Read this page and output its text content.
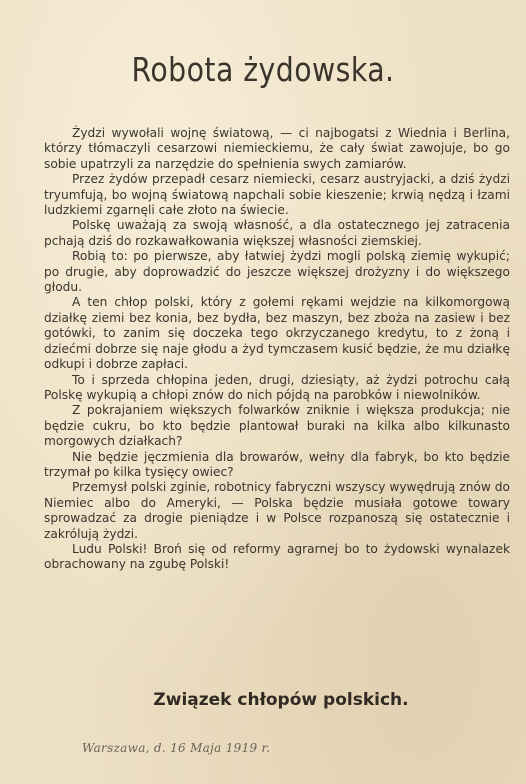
Robota żydowska.

Żydzi wywołali wojnę światową, — ci najbogatsi z Wiednia i Berlina, którzy tłómaczyli cesarzowi niemieckiemu, że cały świat zawojuje, bo go sobie upatrzyli za narzędzie do spełnienia swych zamiarów.

Przez żydów przepadł cesarz niemiecki, cesarz austryjacki, a dziś żydzi tryumfują, bo wojną światową napchali sobie kieszenie; krwią nędzą i łzami ludzkiemi zgarnęli całe złoto na świecie.

Polskę uważają za swoją własność, a dla ostatecznego jej zatracenia pchają dziś do rozkawałkowania większej własności ziemskiej.

Robią to: po pierwsze, aby łatwiej żydzi mogli polską ziemię wykupić; po drugie, aby doprowadzić do jeszcze większej drożyzny i do większego głodu.

A ten chłop polski, który z gołemi rękami wejdzie na kilkomorgową działkę ziemi bez konia, bez bydła, bez maszyn, bez zboża na zasiew i bez gotówki, to zanim się doczeka tego okrzyczanego kredytu, to z żoną i dziećmi dobrze się naje głodu a żyd tymczasem kusić będzie, że mu działkę odkupi i dobrze zapłaci.

To i sprzeda chłopina jeden, drugi, dziesiąty, aż żydzi potrochu całą Polskę wykupią a chłopi znów do nich pójdą na parobków i niewolników.

Z pokrajaniem większych folwarków zniknie i większa produkcja; nie będzie cukru, bo kto będzie plantował buraki na kilka albo kilkunasto morgowych działkach?

Nie będzie jęczmienia dla browarów, wełny dla fabryk, bo kto będzie trzymał po kilka tysięcy owiec?

Przemysł polski zginie, robotnicy fabryczni wszyscy wywędrują znów do Niemiec albo do Ameryki, — Polska będzie musiała gotowe towary sprowadzać za drogie pieniądze i w Polsce rozpanoszą się ostatecznie i zakrólują żydzi.

Ludu Polski! Broń się od reformy agrarnej bo to żydowski wynalazek obrachowany na zgubę Polski!

Związek chłopów polskich.
Warszawa, d. 16 Maja 1919 r.
